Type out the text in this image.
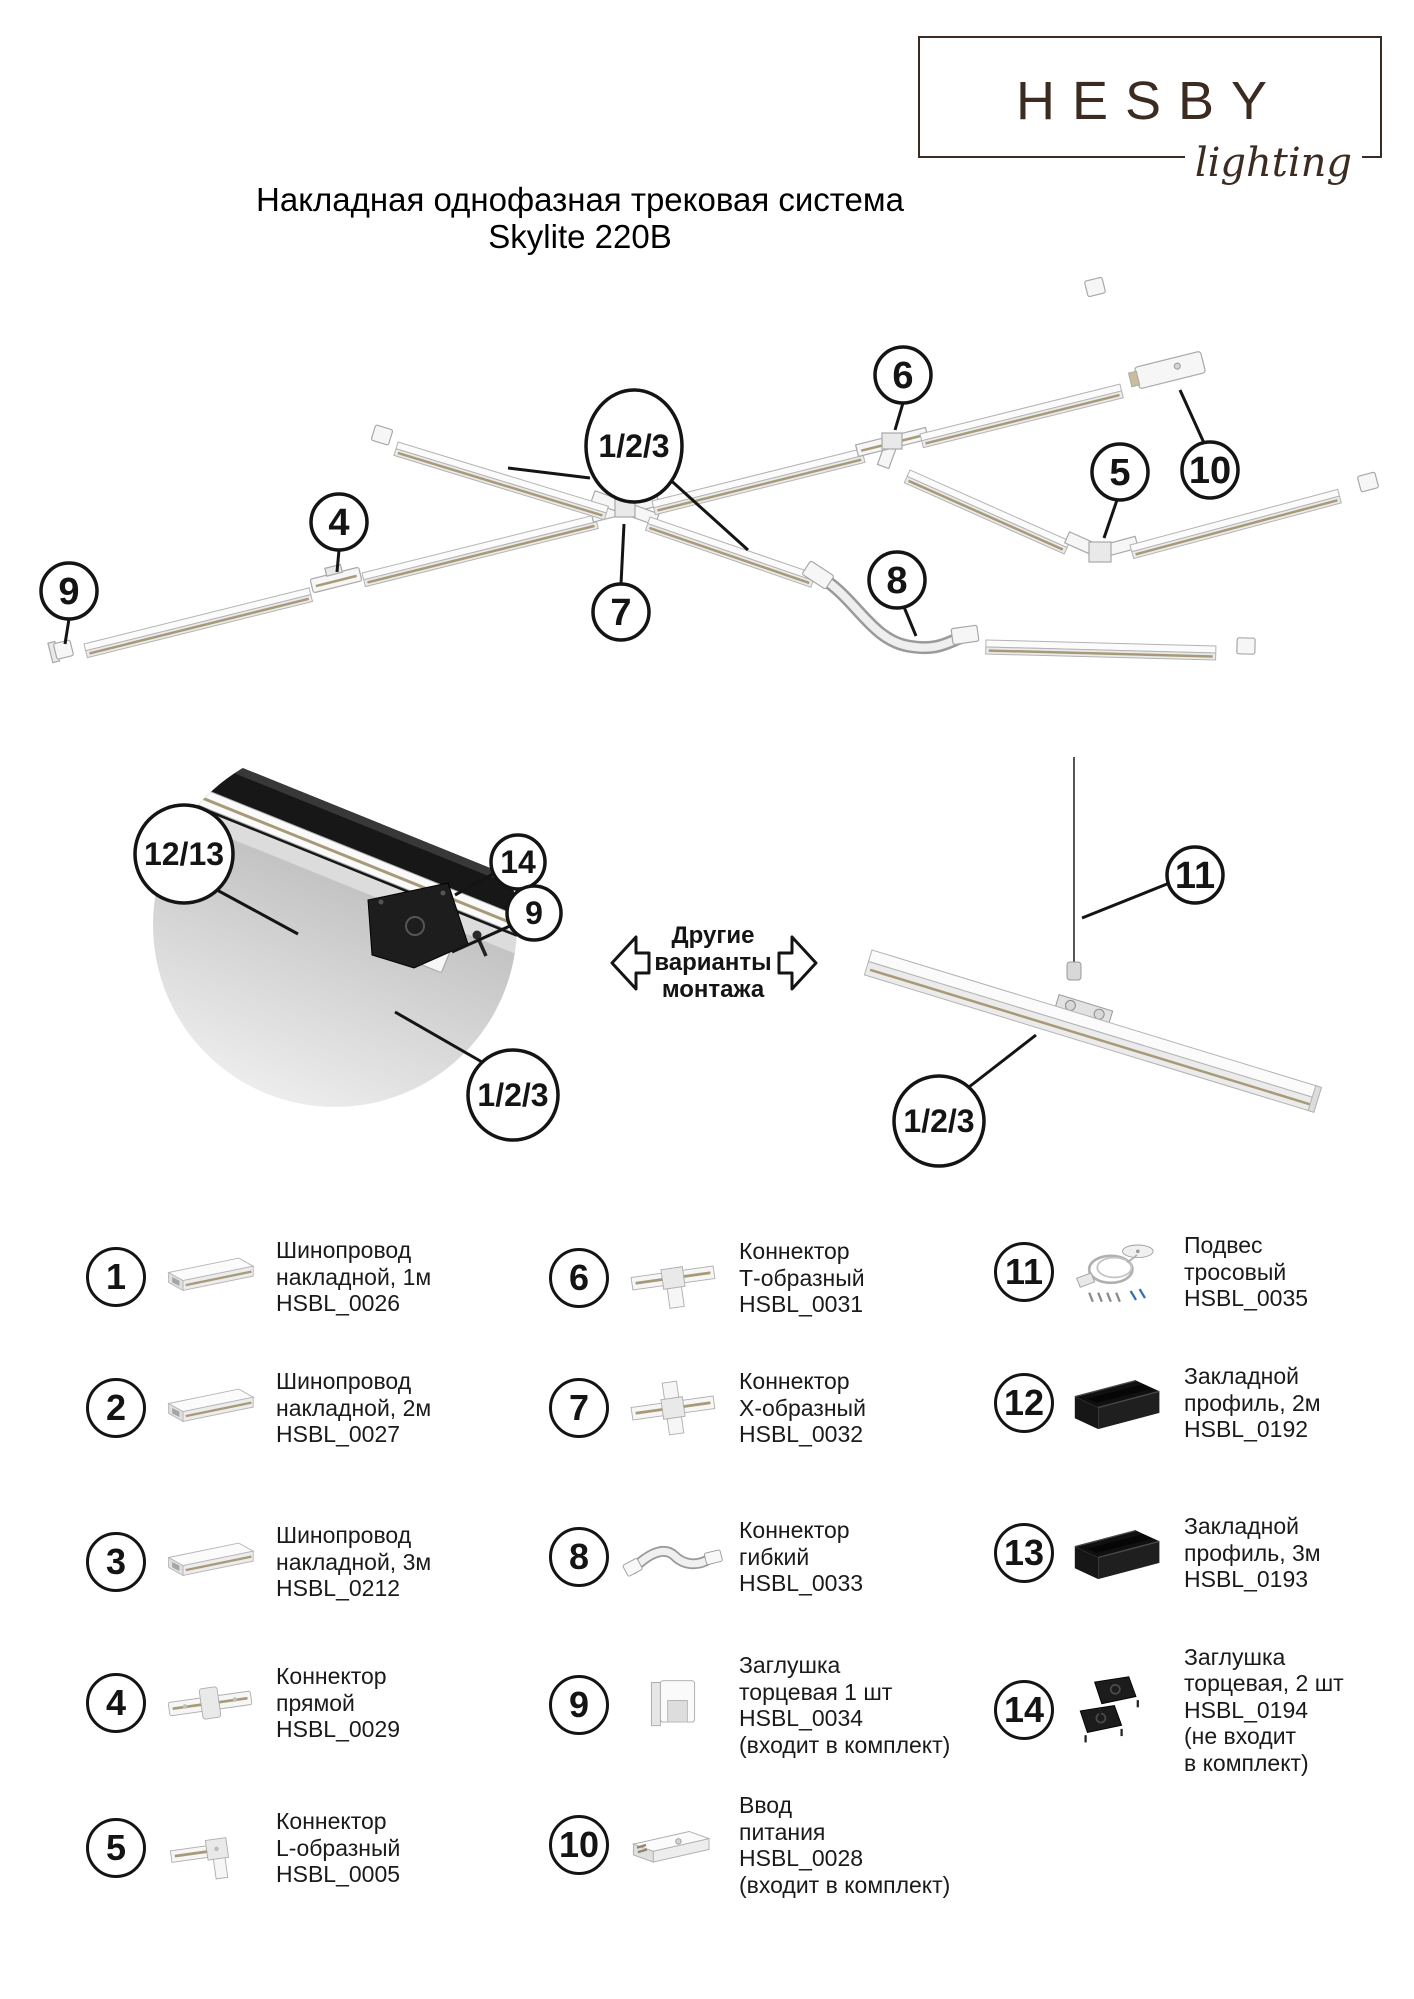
HESBY
lighting
Накладная однофазная трековая система
Skylite 220В
9
4
1/2/3
7
6
8
5 10
12/13	14
9
1/2/3
Другие
варианты
монтажа
11
1/2/3
1
Шинопровод
накладной, 1м
HSBL_0026
2
Шинопровод
накладной, 2м
HSBL_0027
3
Шинопровод
накладной, 3м
HSBL_0212
4
Коннектор
прямой
HSBL_0029
5
Коннектор
L-образный
HSBL_0005
6
Коннектор
Т-образный
HSBL_0031
7
Коннектор
Х-образный
HSBL_0032
8
Коннектор
гибкий
HSBL_0033
9
Заглушка
торцевая 1 шт
HSBL_0034
(входит в комплект)
10
Ввод
питания
HSBL_0028
(входит в комплект)
11
Подвес
тросовый
HSBL_0035
12
Закладной
профиль, 2м
HSBL_0192
13
Закладной
профиль, 3м
HSBL_0193
14
Заглушка
торцевая, 2 шт
HSBL_0194
(не входит
в комплект)
